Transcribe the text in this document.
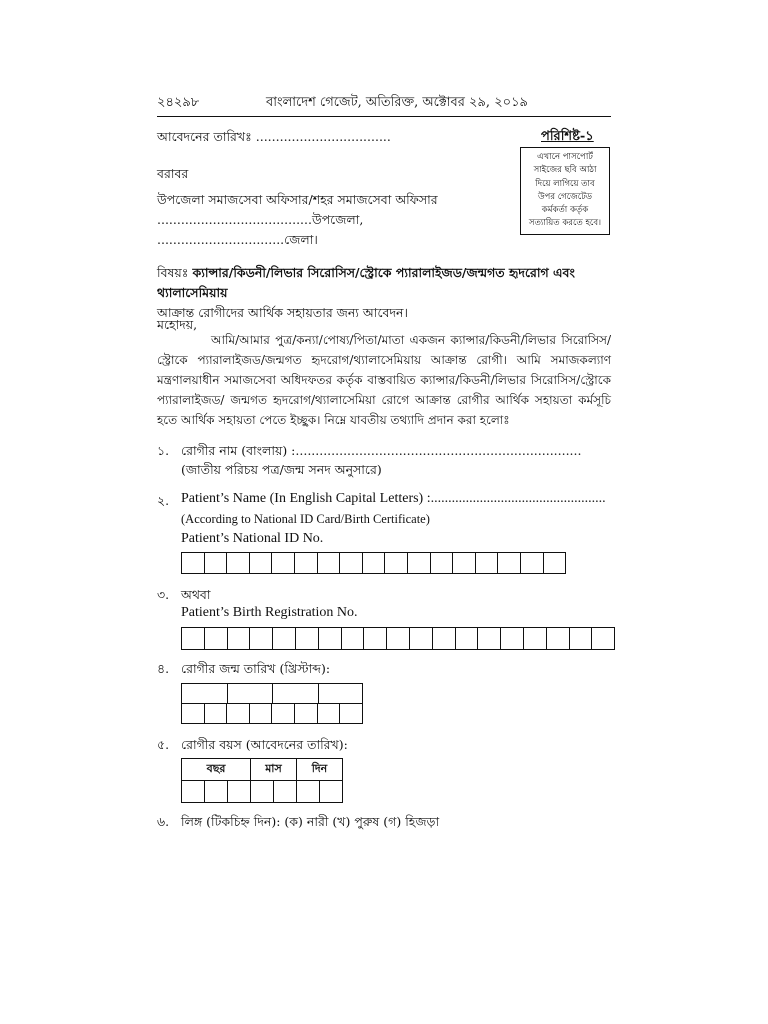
২৪২৯৮	বাংলাদেশ গেজেট, অতিরিক্ত, অক্টোবর ২৯, ২০১৯
আবেদনের তারিখঃ ..................................	পরিশিষ্ট-১
এখানে পাসপোর্ট
সাইজের ছবি আঠা
দিয়ে লাগিয়ে তাব
উপর গেজেটেড
কর্মকর্তা কর্তৃক
সত্যায়িত করতে হবে।
বরাবর
উপজেলা সমাজসেবা অফিসার/শহর সমাজসেবা অফিসার
.......................................উপজেলা,
................................জেলা।
বিষয়ঃ ক্যান্সার/কিডনী/লিভার সিরোসিস/স্ট্রোকে প্যারালাইজড/জন্মগত হৃদরোগ এবং থ্যালাসেমিয়ায়
আক্রান্ত রোগীদের আর্থিক সহায়তার জন্য আবেদন।
মহোদয়,
আমি/আমার পুত্র/কন্যা/পোষ্য/পিতা/মাতা একজন ক্যান্সার/কিডনী/লিভার সিরোসিস/স্ট্রোকে প্যারালাইজড/জন্মগত হৃদরোগ/থ্যালাসেমিয়ায় আক্রান্ত রোগী। আমি সমাজকল্যাণ মন্ত্রণালয়াধীন সমাজসেবা অধিদফতর কর্তৃক বাস্তবায়িত ক্যান্সার/কিডনী/লিভার সিরোসিস/স্ট্রোকে প্যারালাইজড/ জন্মগত হৃদরোগ/থ্যালাসেমিয়া রোগে আক্রান্ত রোগীর আর্থিক সহায়তা কর্মসূচি হতে আর্থিক সহায়তা পেতে ইচ্ছুক। নিম্নে যাবতীয় তথ্যাদি প্রদান করা হলোঃ
১. রোগীর নাম (বাংলায়) :........................................................................
(জাতীয় পরিচয় পত্র/জন্ম সনদ অনুসারে)
২. Patient’s Name (In English Capital Letters) :..................................................
(According to National ID Card/Birth Certificate)
Patient’s National ID No.
৩. অথবা
Patient’s Birth Registration No.
৪. রোগীর জন্ম তারিখ (খ্রিস্টাব্দ):
৫. রোগীর বয়স (আবেদনের তারিখ):
বছর			মাস		দিন	

৬. লিঙ্গ (টিকচিহ্ন দিন): (ক) নারী (খ) পুরুষ (গ) হিজড়া
